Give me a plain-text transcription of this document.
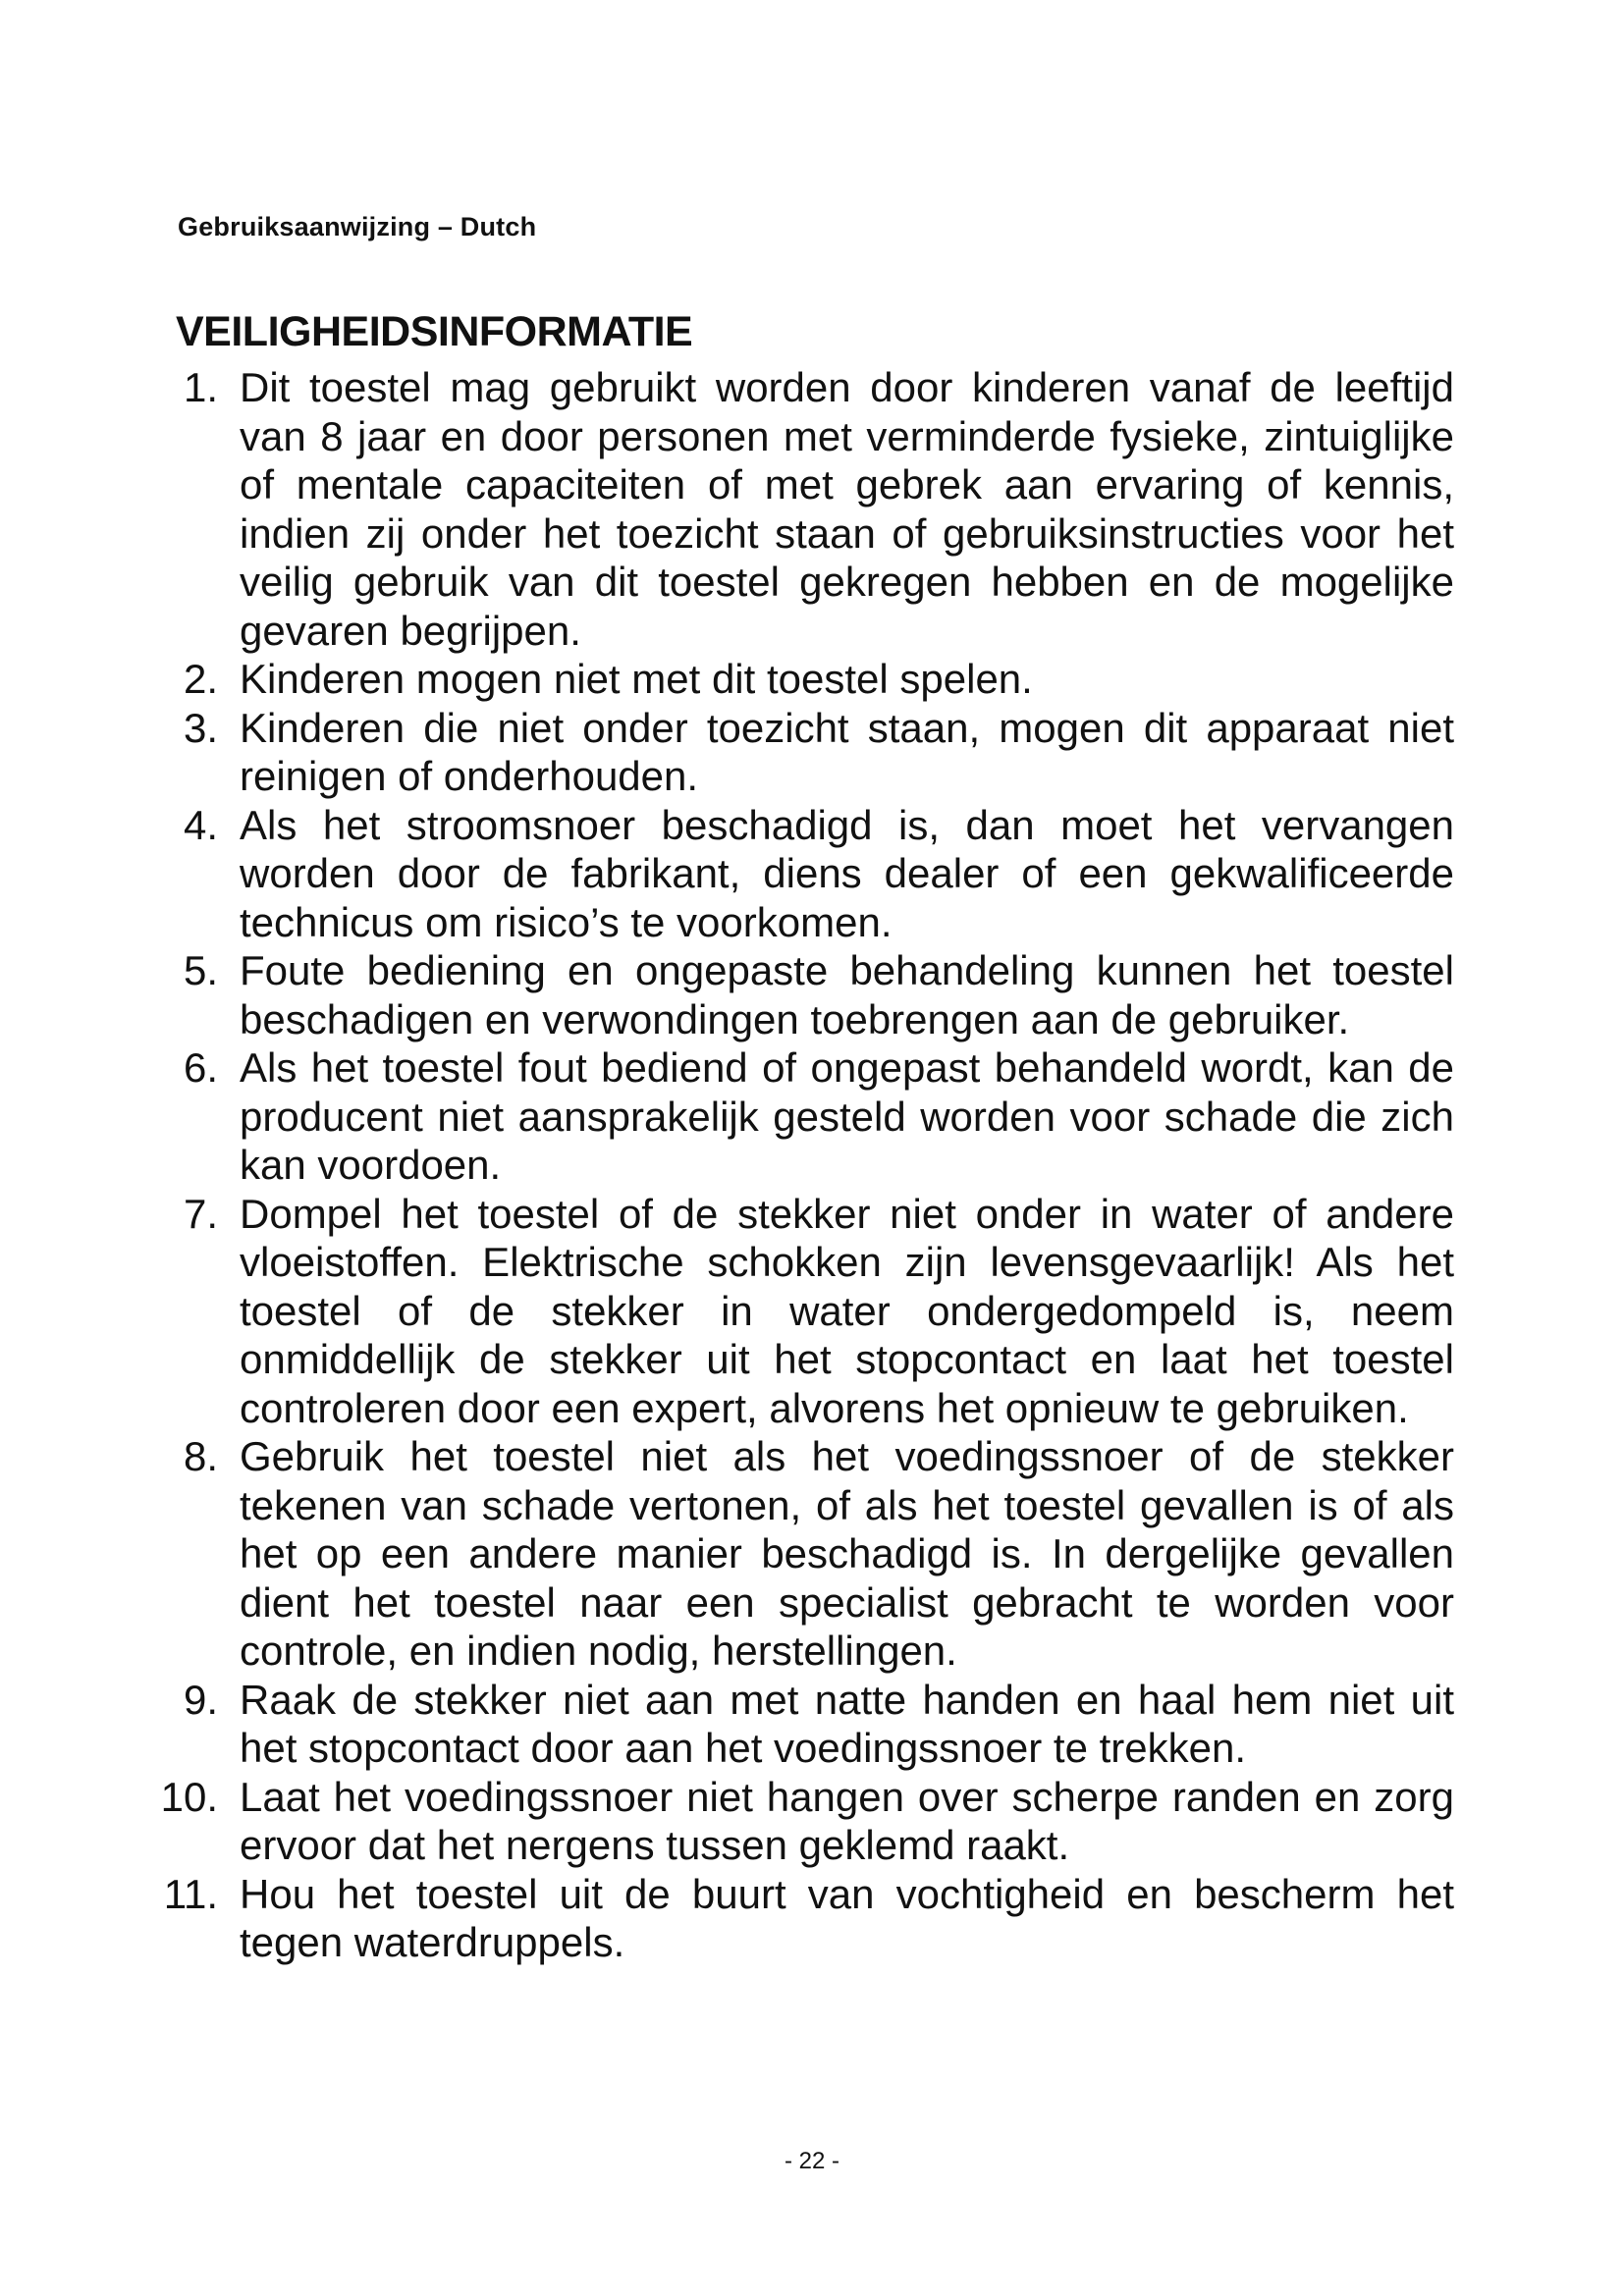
Gebruiksaanwijzing – Dutch
VEILIGHEIDSINFORMATIE
1. Dit toestel mag gebruikt worden door kinderen vanaf de leeftijd van 8 jaar en door personen met verminderde fysieke, zintuiglijke of mentale capaciteiten of met gebrek aan ervaring of kennis, indien zij onder het toezicht staan of gebruiksinstructies voor het veilig gebruik van dit toestel gekregen hebben en de mogelijke gevaren begrijpen.
2. Kinderen mogen niet met dit toestel spelen.
3. Kinderen die niet onder toezicht staan, mogen dit apparaat niet reinigen of onderhouden.
4. Als het stroomsnoer beschadigd is, dan moet het vervangen worden door de fabrikant, diens dealer of een gekwalificeerde technicus om risico’s te voorkomen.
5. Foute bediening en ongepaste behandeling kunnen het toestel beschadigen en verwondingen toebrengen aan de gebruiker.
6. Als het toestel fout bediend of ongepast behandeld wordt, kan de producent niet aansprakelijk gesteld worden voor schade die zich kan voordoen.
7. Dompel het toestel of de stekker niet onder in water of andere vloeistoffen. Elektrische schokken zijn levensgevaarlijk! Als het toestel of de stekker in water ondergedompeld is, neem onmiddellijk de stekker uit het stopcontact en laat het toestel controleren door een expert, alvorens het opnieuw te gebruiken.
8. Gebruik het toestel niet als het voedingssnoer of de stekker tekenen van schade vertonen, of als het toestel gevallen is of als het op een andere manier beschadigd is. In dergelijke gevallen dient het toestel naar een specialist gebracht te worden voor controle, en indien nodig, herstellingen.
9. Raak de stekker niet aan met natte handen en haal hem niet uit het stopcontact door aan het voedingssnoer te trekken.
10. Laat het voedingssnoer niet hangen over scherpe randen en zorg ervoor dat het nergens tussen geklemd raakt.
11. Hou het toestel uit de buurt van vochtigheid en bescherm het tegen waterdruppels.
- 22 -
